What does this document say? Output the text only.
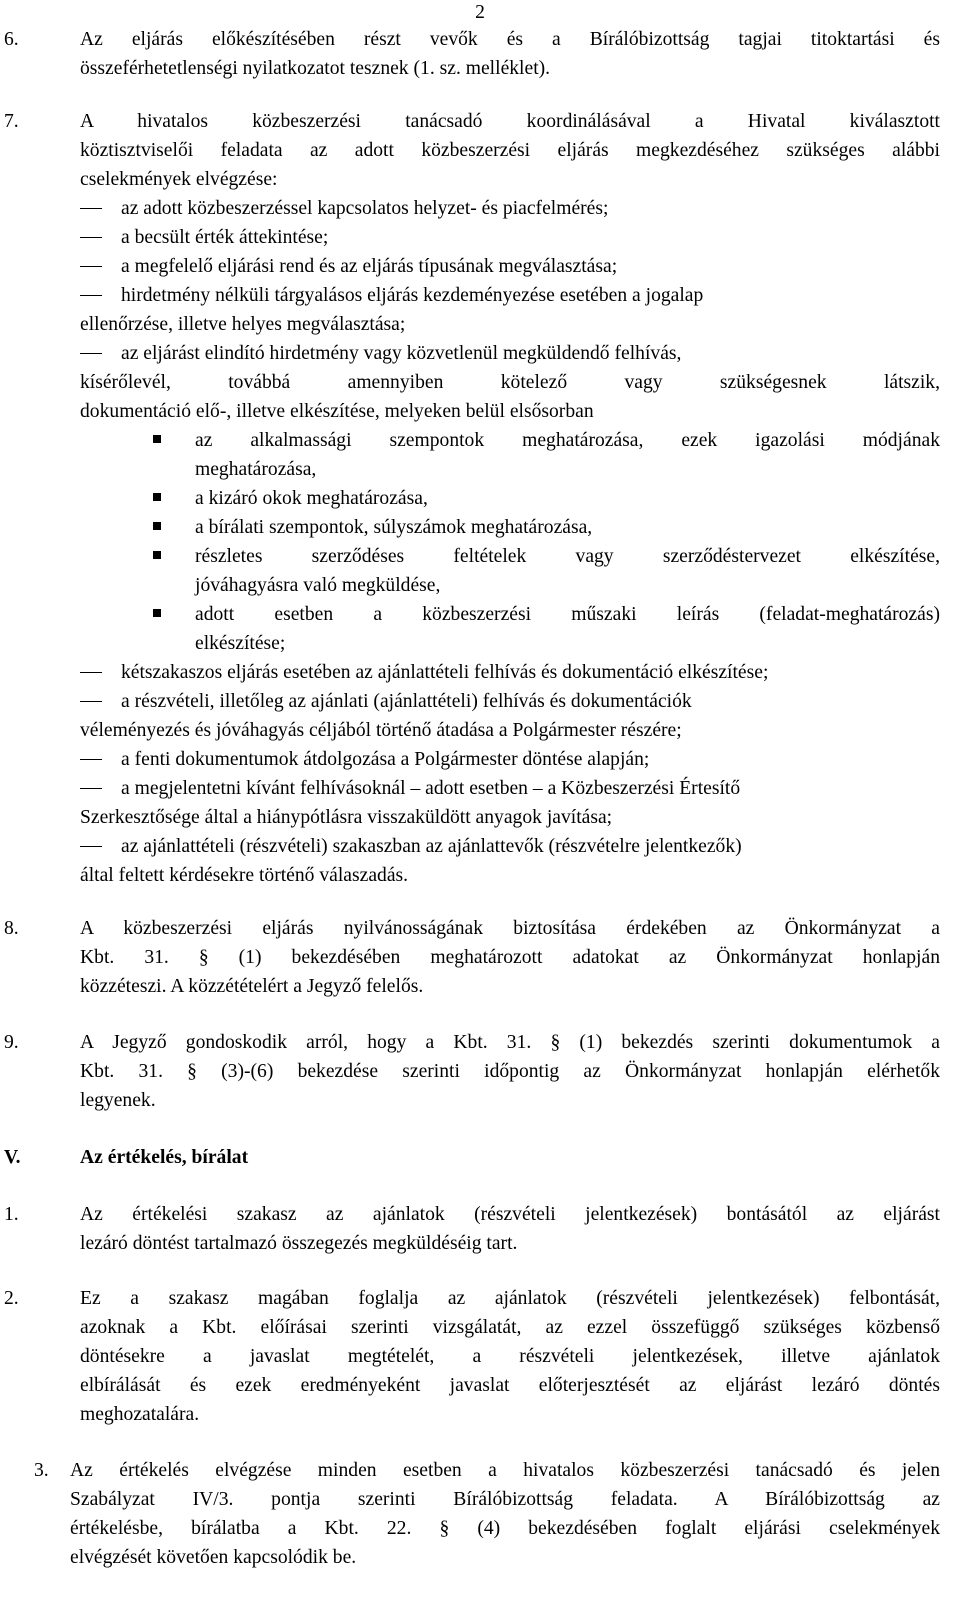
2
6.	Az eljárás előkészítésében részt vevők és a Bírálóbizottság tagjai titoktartási és
összeférhetetlenségi nyilatkozatot tesznek (1. sz. melléklet).
7.	A hivatalos közbeszerzési tanácsadó koordinálásával a Hivatal kiválasztott
köztisztviselői feladata az adott közbeszerzési eljárás megkezdéséhez szükséges alábbi
cselekmények elvégzése:
az adott közbeszerzéssel kapcsolatos helyzet- és piacfelmérés;
a becsült érték áttekintése;
a megfelelő eljárási rend és az eljárás típusának megválasztása;
hirdetmény nélküli tárgyalásos eljárás kezdeményezése esetében a jogalap
ellenőrzése, illetve helyes megválasztása;
az eljárást elindító hirdetmény vagy közvetlenül megküldendő felhívás,
kísérőlevél, továbbá amennyiben kötelező vagy szükségesnek látszik,
dokumentáció elő-, illetve elkészítése, melyeken belül elsősorban
az alkalmassági szempontok meghatározása, ezek igazolási módjának
meghatározása,
a kizáró okok meghatározása,
a bírálati szempontok, súlyszámok meghatározása,
részletes szerződéses feltételek vagy szerződéstervezet elkészítése,
jóváhagyásra való megküldése,
adott esetben a közbeszerzési műszaki leírás (feladat-meghatározás)
elkészítése;
kétszakaszos eljárás esetében az ajánlattételi felhívás és dokumentáció elkészítése;
a részvételi, illetőleg az ajánlati (ajánlattételi) felhívás és dokumentációk
véleményezés és jóváhagyás céljából történő átadása a Polgármester részére;
a fenti dokumentumok átdolgozása a Polgármester döntése alapján;
a megjelentetni kívánt felhívásoknál – adott esetben – a Közbeszerzési Értesítő
Szerkesztősége által a hiánypótlásra visszaküldött anyagok javítása;
az ajánlattételi (részvételi) szakaszban az ajánlattevők (részvételre jelentkezők)
által feltett kérdésekre történő válaszadás.
8.	A közbeszerzési eljárás nyilvánosságának biztosítása érdekében az Önkormányzat a
Kbt. 31. § (1) bekezdésében meghatározott adatokat az Önkormányzat honlapján
közzéteszi. A közzétételért a Jegyző felelős.
9.	A Jegyző gondoskodik arról, hogy a Kbt. 31. § (1) bekezdés szerinti dokumentumok a
Kbt. 31. § (3)-(6) bekezdése szerinti időpontig az Önkormányzat honlapján elérhetők
legyenek.
V.	Az értékelés, bírálat
1.	Az értékelési szakasz az ajánlatok (részvételi jelentkezések) bontásától az eljárást
lezáró döntést tartalmazó összegezés megküldéséig tart.
2.	Ez a szakasz magában foglalja az ajánlatok (részvételi jelentkezések) felbontását,
azoknak a Kbt. előírásai szerinti vizsgálatát, az ezzel összefüggő szükséges közbenső
döntésekre a javaslat megtételét, a részvételi jelentkezések, illetve ajánlatok
elbírálását és ezek eredményeként javaslat előterjesztését az eljárást lezáró döntés
meghozatalára.
3. Az értékelés elvégzése minden esetben a hivatalos közbeszerzési tanácsadó és jelen
Szabályzat IV/3. pontja szerinti Bírálóbizottság feladata. A Bírálóbizottság az
értékelésbe, bírálatba a Kbt. 22. § (4) bekezdésében foglalt eljárási cselekmények
elvégzését követően kapcsolódik be.
